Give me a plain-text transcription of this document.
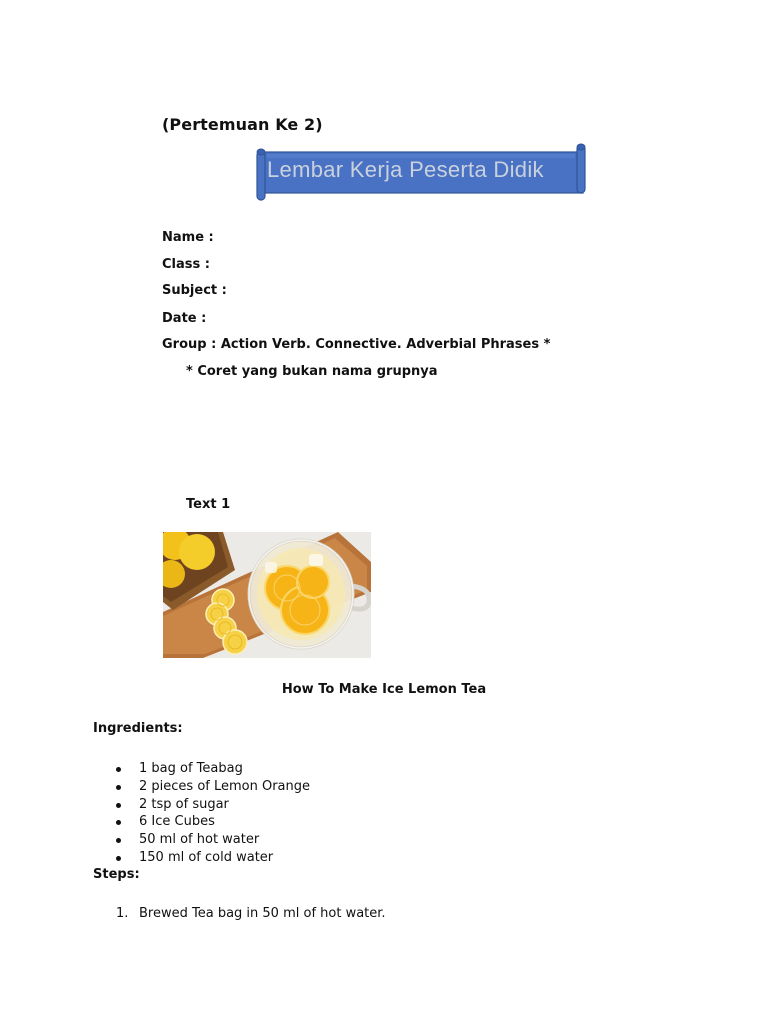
(Pertemuan Ke 2)
Lembar Kerja Peserta Didik
Name :
Class :
Subject :
Date :
Group : Action Verb. Connective. Adverbial Phrases *
* Coret yang bukan nama grupnya
Text 1
How To Make Ice Lemon Tea
Ingredients:
1 bag of Teabag
2 pieces of Lemon Orange
2 tsp of sugar
6 Ice Cubes
50 ml of hot water
150 ml of cold water
Steps:
1. Brewed Tea bag in 50 ml of hot water.
